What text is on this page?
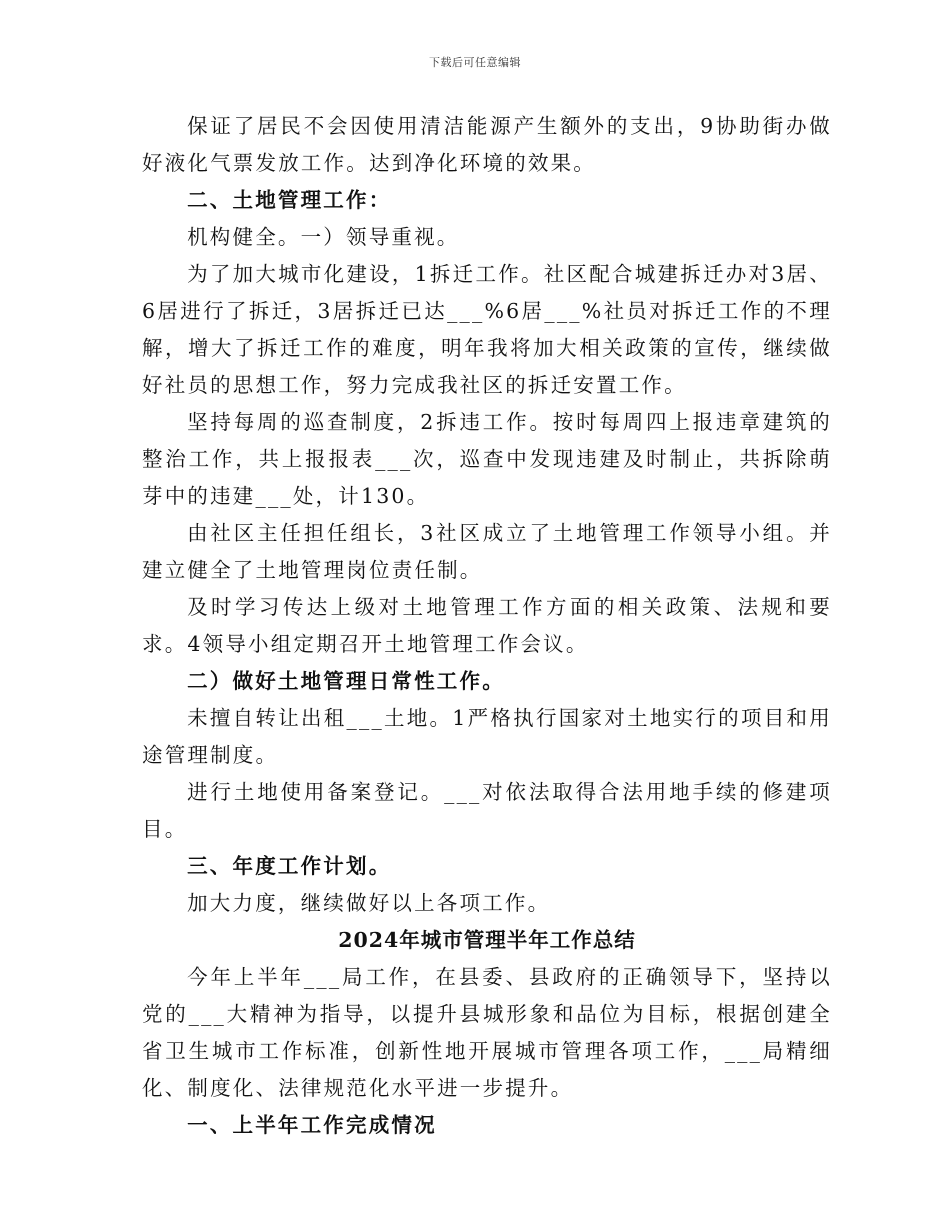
下载后可任意编辑

保证了居民不会因使用清洁能源产生额外的支出，9协助街办做好液化气票发放工作。达到净化环境的效果。

二、土地管理工作：

机构健全。一）领导重视。

为了加大城市化建设，1拆迁工作。社区配合城建拆迁办对3居、6居进行了拆迁，3居拆迁已达___%6居___%社员对拆迁工作的不理解，增大了拆迁工作的难度，明年我将加大相关政策的宣传，继续做好社员的思想工作，努力完成我社区的拆迁安置工作。

坚持每周的巡查制度，2拆违工作。按时每周四上报违章建筑的整治工作，共上报报表___次，巡查中发现违建及时制止，共拆除萌芽中的违建___处，计130。

由社区主任担任组长，3社区成立了土地管理工作领导小组。并建立健全了土地管理岗位责任制。

及时学习传达上级对土地管理工作方面的相关政策、法规和要求。4领导小组定期召开土地管理工作会议。

二）做好土地管理日常性工作。

未擅自转让出租___土地。1严格执行国家对土地实行的项目和用途管理制度。

进行土地使用备案登记。___对依法取得合法用地手续的修建项目。

三、年度工作计划。

加大力度，继续做好以上各项工作。

2024年城市管理半年工作总结

今年上半年___局工作，在县委、县政府的正确领导下，坚持以党的___大精神为指导，以提升县城形象和品位为目标，根据创建全省卫生城市工作标准，创新性地开展城市管理各项工作，___局精细化、制度化、法律规范化水平进一步提升。

一、上半年工作完成情况
